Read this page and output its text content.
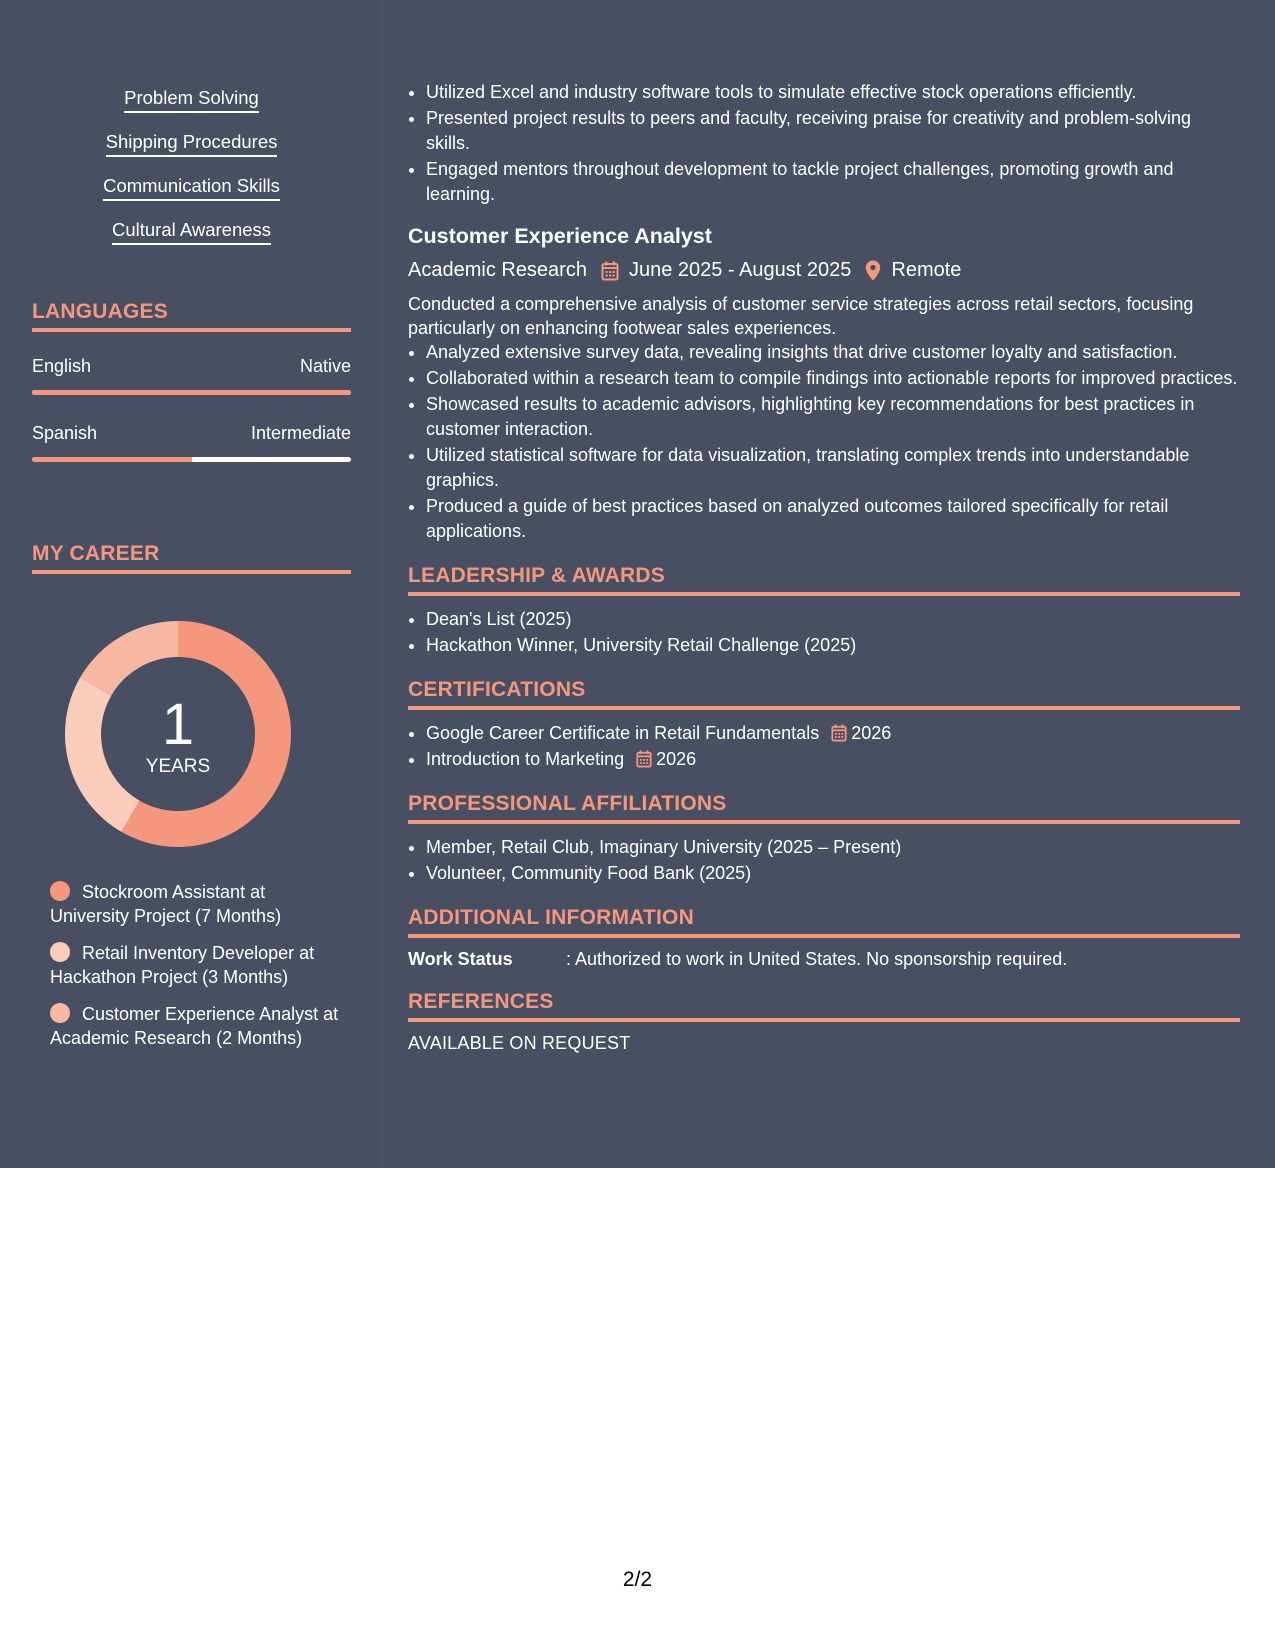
Problem Solving
Shipping Procedures
Communication Skills
Cultural Awareness
LANGUAGES
English	Native
Spanish	Intermediate
MY CAREER
1
YEARS
Stockroom Assistant at University Project (7 Months)
Retail Inventory Developer at Hackathon Project (3 Months)
Customer Experience Analyst at Academic Research (2 Months)
• Utilized Excel and industry software tools to simulate effective stock operations efficiently.
• Presented project results to peers and faculty, receiving praise for creativity and problem-solving skills.
• Engaged mentors throughout development to tackle project challenges, promoting growth and learning.
Customer Experience Analyst
Academic Research June 2025 - August 2025 Remote
Conducted a comprehensive analysis of customer service strategies across retail sectors, focusing particularly on enhancing footwear sales experiences.
• Analyzed extensive survey data, revealing insights that drive customer loyalty and satisfaction.
• Collaborated within a research team to compile findings into actionable reports for improved practices.
• Showcased results to academic advisors, highlighting key recommendations for best practices in customer interaction.
• Utilized statistical software for data visualization, translating complex trends into understandable graphics.
• Produced a guide of best practices based on analyzed outcomes tailored specifically for retail applications.
LEADERSHIP & AWARDS
• Dean's List (2025)
• Hackathon Winner, University Retail Challenge (2025)
CERTIFICATIONS
• Google Career Certificate in Retail Fundamentals 2026
• Introduction to Marketing 2026
PROFESSIONAL AFFILIATIONS
• Member, Retail Club, Imaginary University (2025 – Present)
• Volunteer, Community Food Bank (2025)
ADDITIONAL INFORMATION
Work Status	: Authorized to work in United States. No sponsorship required.
REFERENCES
AVAILABLE ON REQUEST
2/2
